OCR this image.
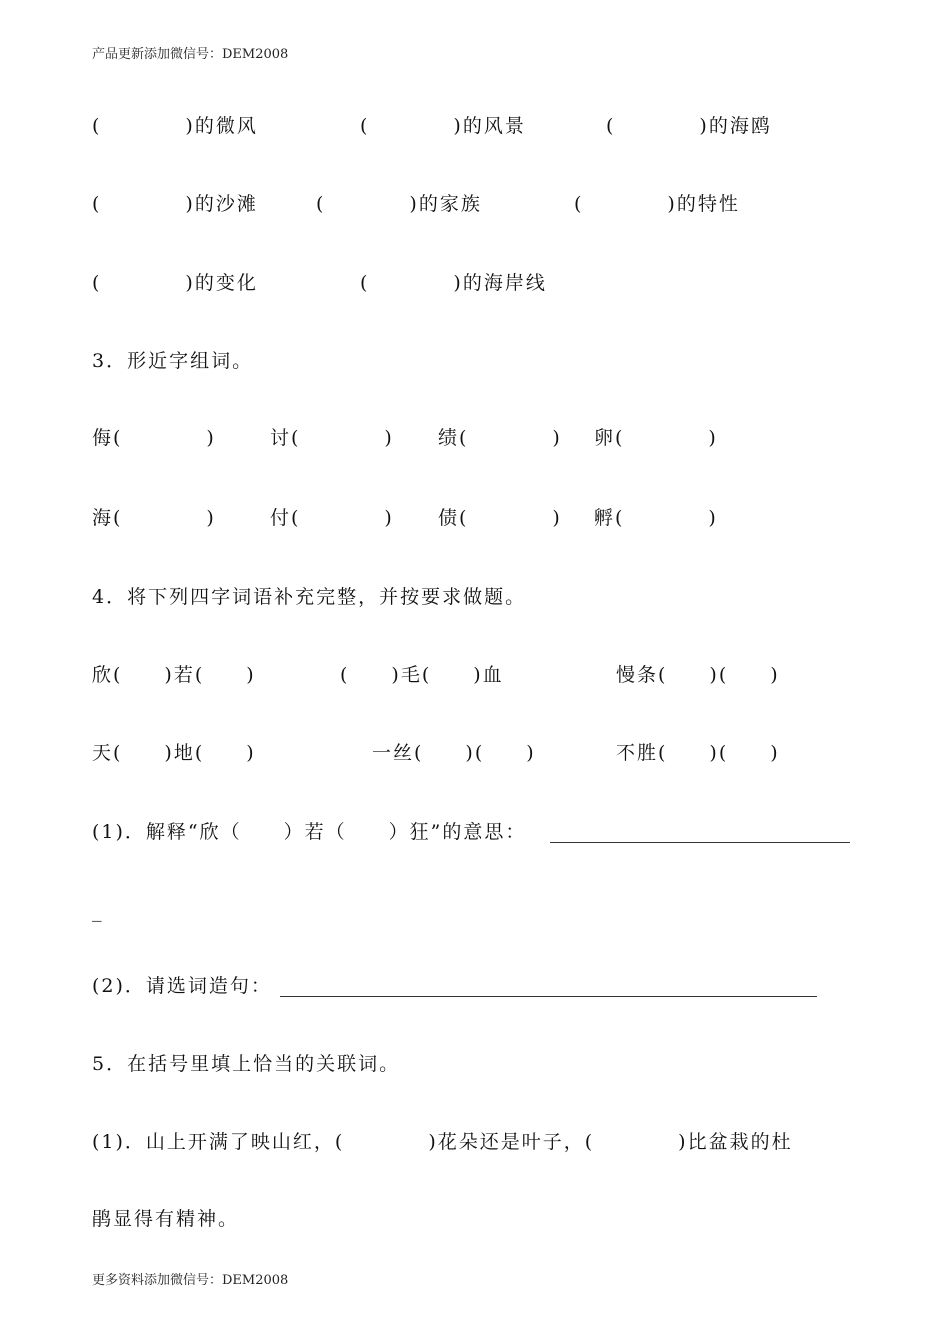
产品更新添加微信号：DEM2008
(　　　　)的微风	(　　　　)的风景	(　　　　)的海鸥
(　　　　)的沙滩	(　　　　)的家族	(　　　　)的特性
(　　　　)的变化	(　　　　)的海岸线
3．形近字组词。
侮(　　　　)	讨(　　　　) 绩(　　　　) 卵(　　　　)
海(　　　　)	付(　　　　) 债(　　　　) 孵(　　　　)
4．将下列四字词语补充完整，并按要求做题。
欣(　　)若(　　)	(　　)毛(　　)血	慢条(　　)(　　)
天(　　)地(　　)	一丝(　　)(　　)	不胜(　　)(　　)
(1)．解释“欣（　　）若（　　）狂”的意思：
_
(2)．请选词造句：
5．在括号里填上恰当的关联词。
(1)．山上开满了映山红，(　　　　)花朵还是叶子，(　　　　)比盆栽的杜
鹃显得有精神。
更多资料添加微信号：DEM2008
